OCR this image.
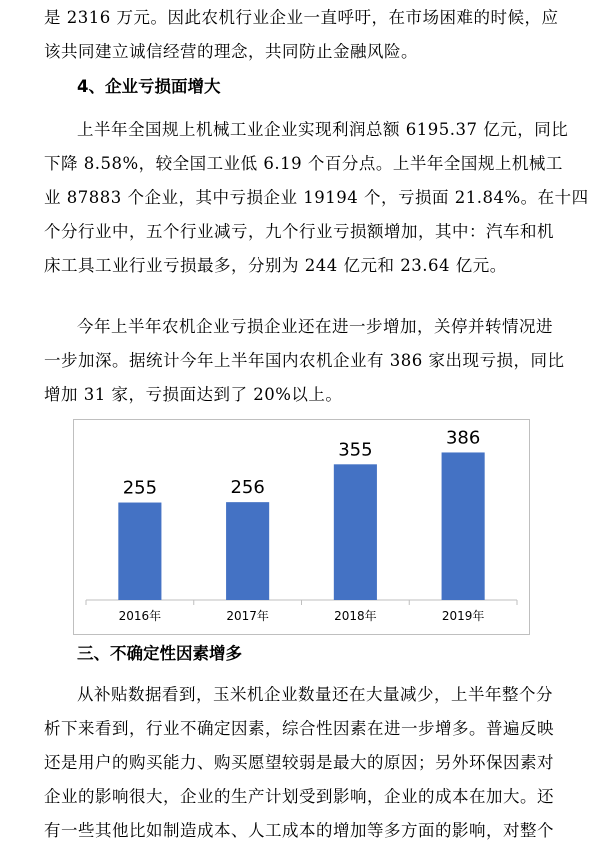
是 2316 万元。因此农机行业企业一直呼吁，在市场困难的时候，应
该共同建立诚信经营的理念，共同防止金融风险。

4、企业亏损面增大

上半年全国规上机械工业企业实现利润总额 6195.37 亿元，同比
下降 8.58%，较全国工业低 6.19 个百分点。上半年全国规上机械工
业 87883 个企业，其中亏损企业 19194 个，亏损面 21.84%。在十四
个分行业中，五个行业减亏，九个行业亏损额增加，其中：汽车和机
床工具工业行业亏损最多，分别为 244 亿元和 23.64 亿元。

今年上半年农机企业亏损企业还在进一步增加，关停并转情况进
一步加深。据统计今年上半年国内农机企业有 386 家出现亏损，同比
增加 31 家，亏损面达到了 20%以上。

255
2016年
256
2017年
355
2018年
386
2019年
三、不确定性因素增多

从补贴数据看到，玉米机企业数量还在大量减少，上半年整个分
析下来看到，行业不确定因素，综合性因素在进一步增多。普遍反映
还是用户的购买能力、购买愿望较弱是最大的原因；另外环保因素对
企业的影响很大，企业的生产计划受到影响，企业的成本在加大。还
有一些其他比如制造成本、人工成本的增加等多方面的影响，对整个
